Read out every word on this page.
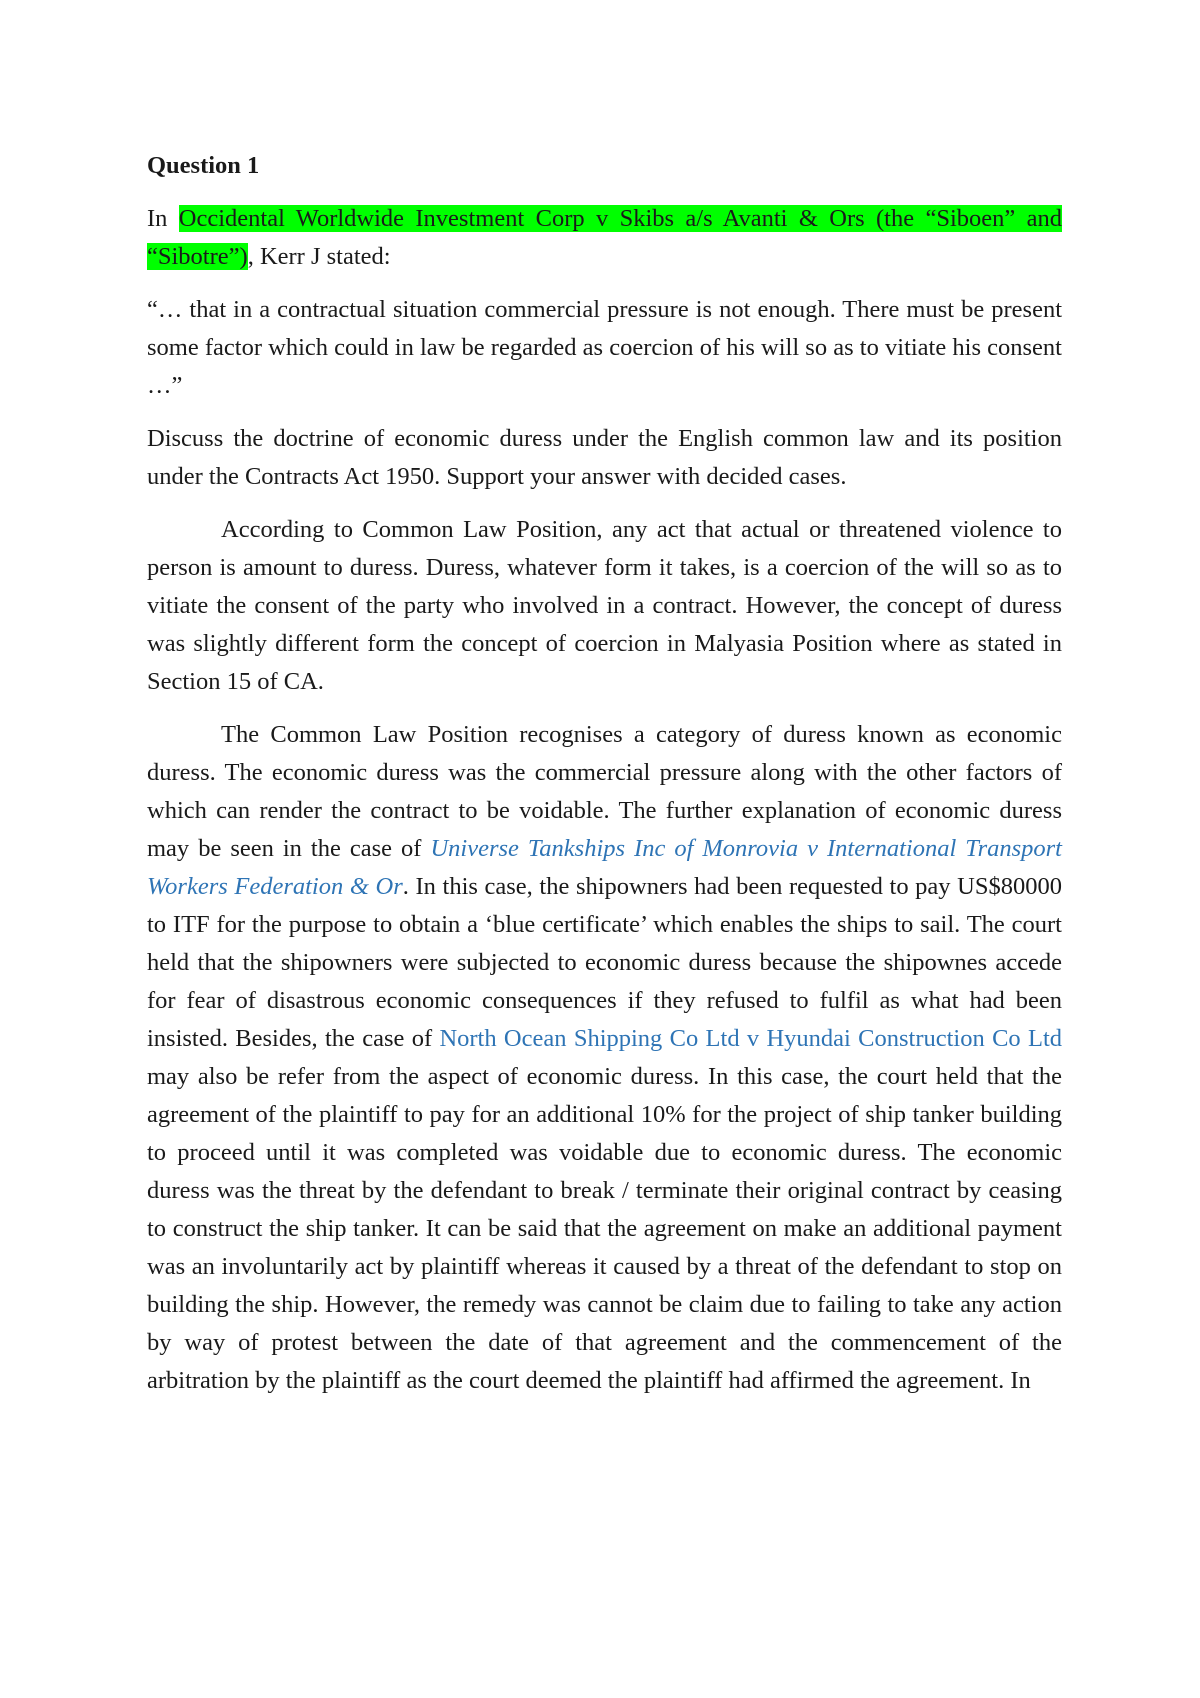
Question 1

In Occidental Worldwide Investment Corp v Skibs a/s Avanti & Ors (the “Siboen” and “Sibotre”), Kerr J stated:

“… that in a contractual situation commercial pressure is not enough. There must be present some factor which could in law be regarded as coercion of his will so as to vitiate his consent …”

Discuss the doctrine of economic duress under the English common law and its position under the Contracts Act 1950. Support your answer with decided cases.

According to Common Law Position, any act that actual or threatened violence to person is amount to duress. Duress, whatever form it takes, is a coercion of the will so as to vitiate the consent of the party who involved in a contract. However, the concept of duress was slightly different form the concept of coercion in Malyasia Position where as stated in Section 15 of CA.

The Common Law Position recognises a category of duress known as economic duress. The economic duress was the commercial pressure along with the other factors of which can render the contract to be voidable. The further explanation of economic duress may be seen in the case of Universe Tankships Inc of Monrovia v International Transport Workers Federation & Or. In this case, the shipowners had been requested to pay US$80000 to ITF for the purpose to obtain a ‘blue certificate’ which enables the ships to sail. The court held that the shipowners were subjected to economic duress because the shipownes accede for fear of disastrous economic consequences if they refused to fulfil as what had been insisted. Besides, the case of North Ocean Shipping Co Ltd v Hyundai Construction Co Ltd may also be refer from the aspect of economic duress. In this case, the court held that the agreement of the plaintiff to pay for an additional 10% for the project of ship tanker building to proceed until it was completed was voidable due to economic duress. The economic duress was the threat by the defendant to break / terminate their original contract by ceasing to construct the ship tanker. It can be said that the agreement on make an additional payment was an involuntarily act by plaintiff whereas it caused by a threat of the defendant to stop on building the ship. However, the remedy was cannot be claim due to failing to take any action by way of protest between the date of that agreement and the commencement of the arbitration by the plaintiff as the court deemed the plaintiff had affirmed the agreement. In
